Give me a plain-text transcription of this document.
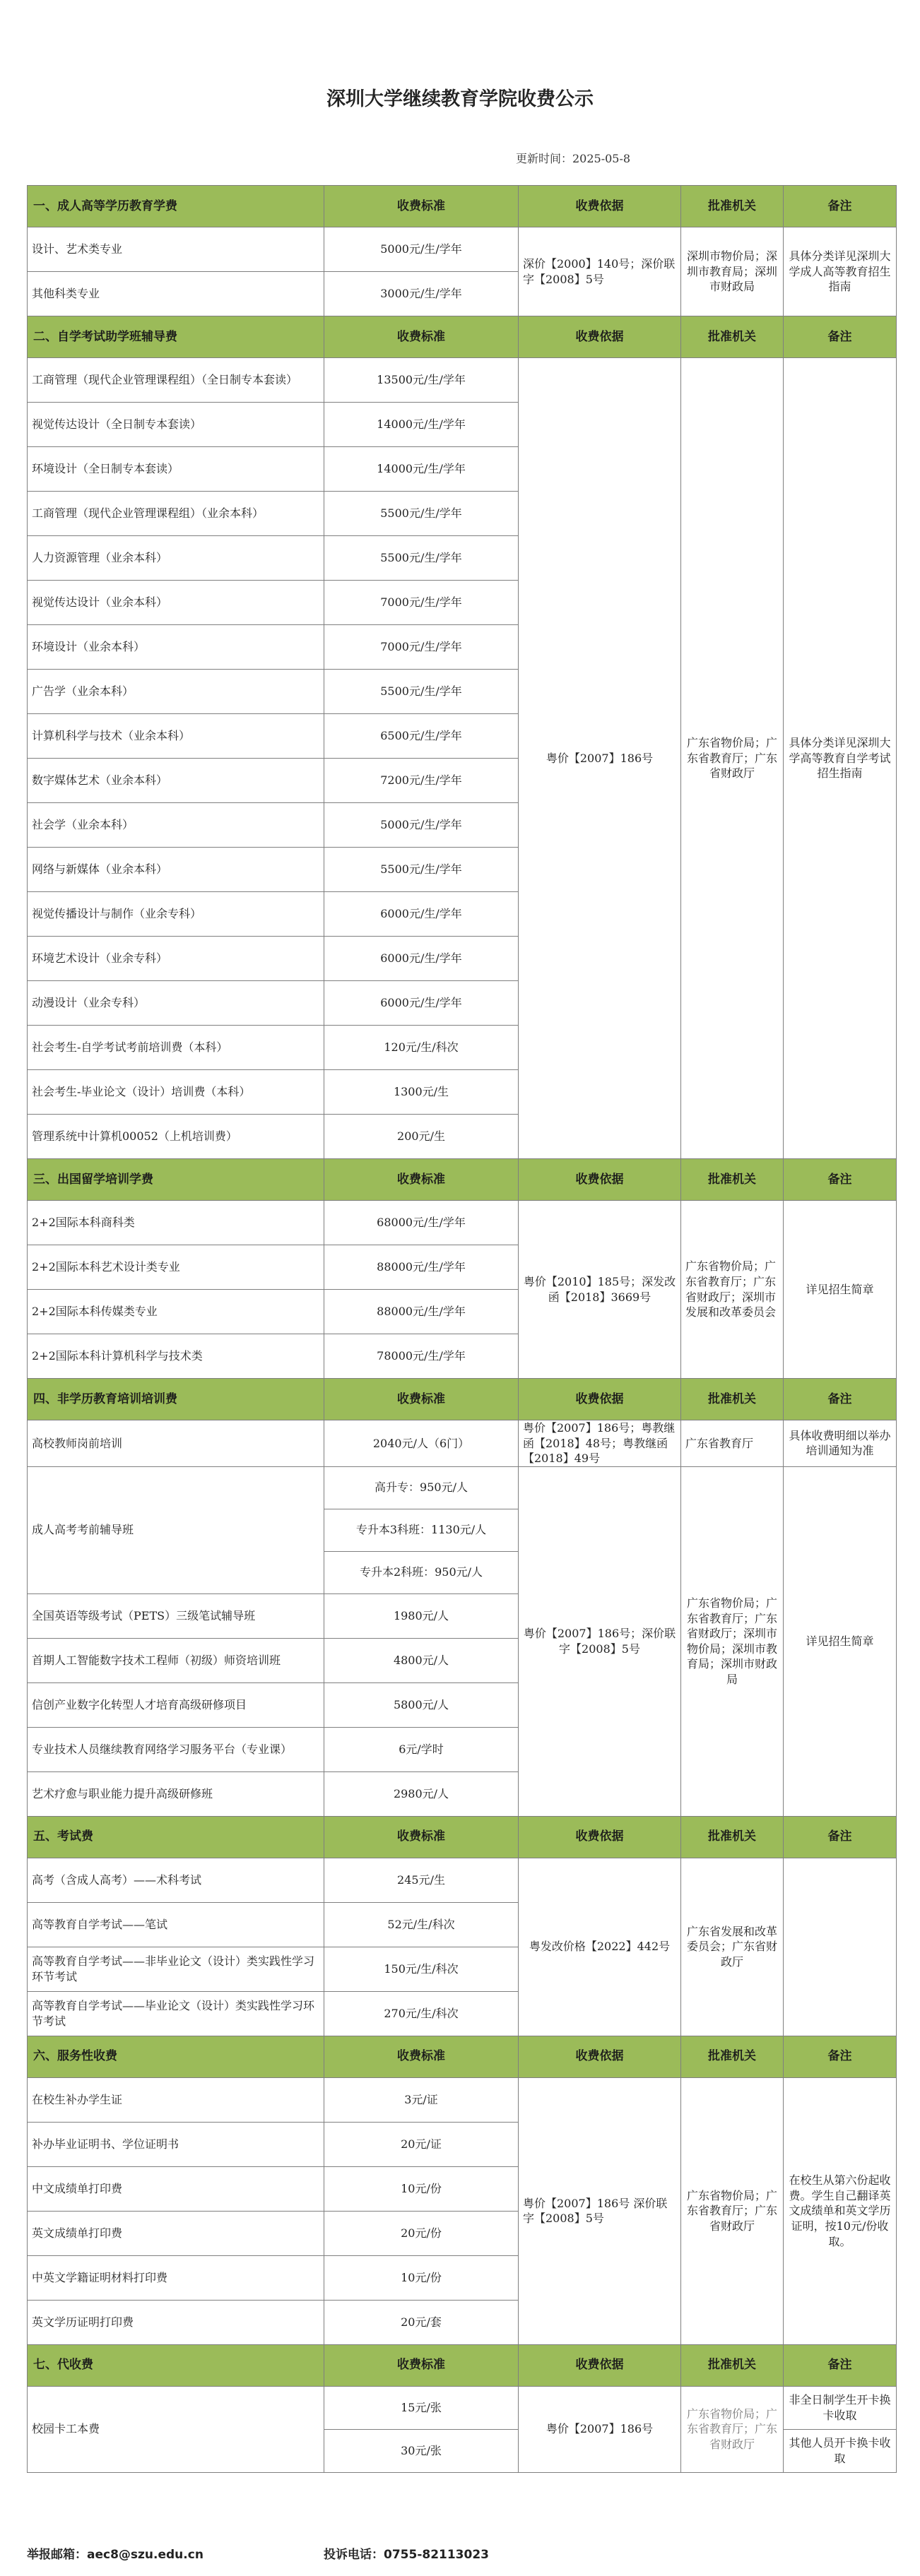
深圳大学继续教育学院收费公示
更新时间：2025-05-8
一、成人高等学历教育学费	收费标准	收费依据	批准机关	备注
设计、艺术类专业	5000元/生/学年	深价【2000】140号；深价联字【2008】5号	深圳市物价局；深圳市教育局；深圳市财政局	具体分类详见深圳大学成人高等教育招生指南
其他科类专业	3000元/生/学年			
二、自学考试助学班辅导费	收费标准	收费依据	批准机关	备注
工商管理（现代企业管理课程组）（全日制专本套读）	13500元/生/学年	粤价【2007】186号	广东省物价局；广东省教育厅；广东省财政厅	具体分类详见深圳大学高等教育自学考试招生指南
视觉传达设计（全日制专本套读）	14000元/生/学年			
环境设计（全日制专本套读）	14000元/生/学年			
工商管理（现代企业管理课程组）（业余本科）	5500元/生/学年			
人力资源管理（业余本科）	5500元/生/学年			
视觉传达设计（业余本科）	7000元/生/学年			
环境设计（业余本科）	7000元/生/学年			
广告学（业余本科）	5500元/生/学年			
计算机科学与技术（业余本科）	6500元/生/学年			
数字媒体艺术（业余本科）	7200元/生/学年			
社会学（业余本科）	5000元/生/学年			
网络与新媒体（业余本科）	5500元/生/学年			
视觉传播设计与制作（业余专科）	6000元/生/学年			
环境艺术设计（业余专科）	6000元/生/学年			
动漫设计（业余专科）	6000元/生/学年			
社会考生-自学考试考前培训费（本科）	120元/生/科次			
社会考生-毕业论文（设计）培训费（本科）	1300元/生			
管理系统中计算机00052（上机培训费）	200元/生			
三、出国留学培训学费	收费标准	收费依据	批准机关	备注
2+2国际本科商科类	68000元/生/学年	粤价【2010】185号；深发改函【2018】3669号	广东省物价局；广东省教育厅；广东省财政厅；深圳市发展和改革委员会	详见招生简章
2+2国际本科艺术设计类专业	88000元/生/学年			
2+2国际本科传媒类专业	88000元/生/学年			
2+2国际本科计算机科学与技术类	78000元/生/学年			
四、非学历教育培训培训费	收费标准	收费依据	批准机关	备注
高校教师岗前培训	2040元/人（6门）	粤价【2007】186号；粤教继函【2018】48号；粤教继函【2018】49号	广东省教育厅	具体收费明细以举办培训通知为准
成人高考考前辅导班	高升专：950元/人	粤价【2007】186号；深价联字【2008】5号	广东省物价局；广东省教育厅；广东省财政厅；深圳市物价局；深圳市教育局；深圳市财政局	详见招生简章
	专升本3科班：1130元/人			
	专升本2科班：950元/人			
全国英语等级考试（PETS）三级笔试辅导班	1980元/人			
首期人工智能数字技术工程师（初级）师资培训班	4800元/人			
信创产业数字化转型人才培育高级研修项目	5800元/人			
专业技术人员继续教育网络学习服务平台（专业课）	6元/学时			
艺术疗愈与职业能力提升高级研修班	2980元/人			
五、考试费	收费标准	收费依据	批准机关	备注
高考（含成人高考）——术科考试	245元/生	粤发改价格【2022】442号	广东省发展和改革委员会；广东省财政厅	
高等教育自学考试——笔试	52元/生/科次			
高等教育自学考试——非毕业论文（设计）类实践性学习环节考试	150元/生/科次			
高等教育自学考试——毕业论文（设计）类实践性学习环节考试	270元/生/科次			
六、服务性收费	收费标准	收费依据	批准机关	备注
在校生补办学生证	3元/证	粤价【2007】186号 深价联字【2008】5号	广东省物价局；广东省教育厅；广东省财政厅	在校生从第六份起收费。学生自己翻译英文成绩单和英文学历证明，按10元/份收取。
补办毕业证明书、学位证明书	20元/证			
中文成绩单打印费	10元/份			
英文成绩单打印费	20元/份			
中英文学籍证明材料打印费	10元/份			
英文学历证明打印费	20元/套			
七、代收费	收费标准	收费依据	批准机关	备注
校园卡工本费	15元/张	粤价【2007】186号	广东省物价局；广东省教育厅；广东省财政厅	非全日制学生开卡换卡收取
	30元/张			其他人员开卡换卡收取
举报邮箱：aec8@szu.edu.cn	投诉电话：0755-82113023
